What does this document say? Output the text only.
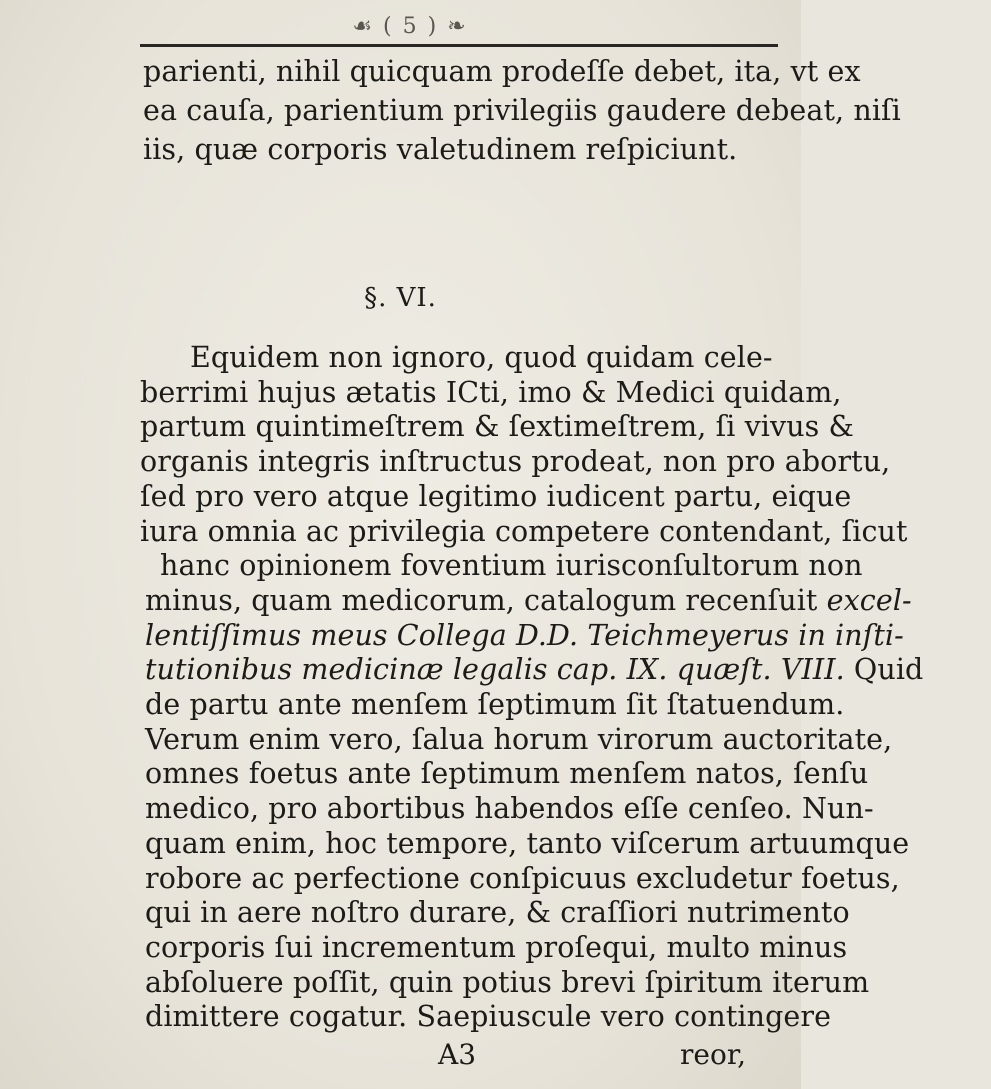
☙ ( 5 ) ❧
parienti, nihil quicquam prodeſſe debet, ita, vt ex
ea cauſa, parientium privilegiis gaudere debeat, niſi
iis, quæ corporis valetudinem reſpiciunt.
§. VI.
Equidem non ignoro, quod quidam cele-
berrimi hujus ætatis ICti, imo & Medici quidam,
partum quintimeſtrem & ſextimeſtrem, ſi vivus &
organis integris inſtructus prodeat, non pro abortu,
ſed pro vero atque legitimo iudicent partu, eique
iura omnia ac privilegia competere contendant, ſicut
hanc opinionem foventium iurisconſultorum non
minus, quam medicorum, catalogum recenſuit excel-
lentiſſimus meus Collega D.D. Teichmeyerus in inſti-
tutionibus medicinæ legalis cap. IX. quæſt. VIII. Quid
de partu ante menſem ſeptimum ſit ſtatuendum.
Verum enim vero, ſalua horum virorum auctoritate,
omnes foetus ante ſeptimum menſem natos, ſenſu
medico, pro abortibus habendos eſſe cenſeo. Nun-
quam enim, hoc tempore, tanto viſcerum artuumque
robore ac perfectione conſpicuus excludetur foetus,
qui in aere noſtro durare, & craſſiori nutrimento
corporis ſui incrementum proſequi, multo minus
abſoluere poſſit, quin potius brevi ſpiritum iterum
dimittere cogatur. Saepiuscule vero contingere
A3	reor,
